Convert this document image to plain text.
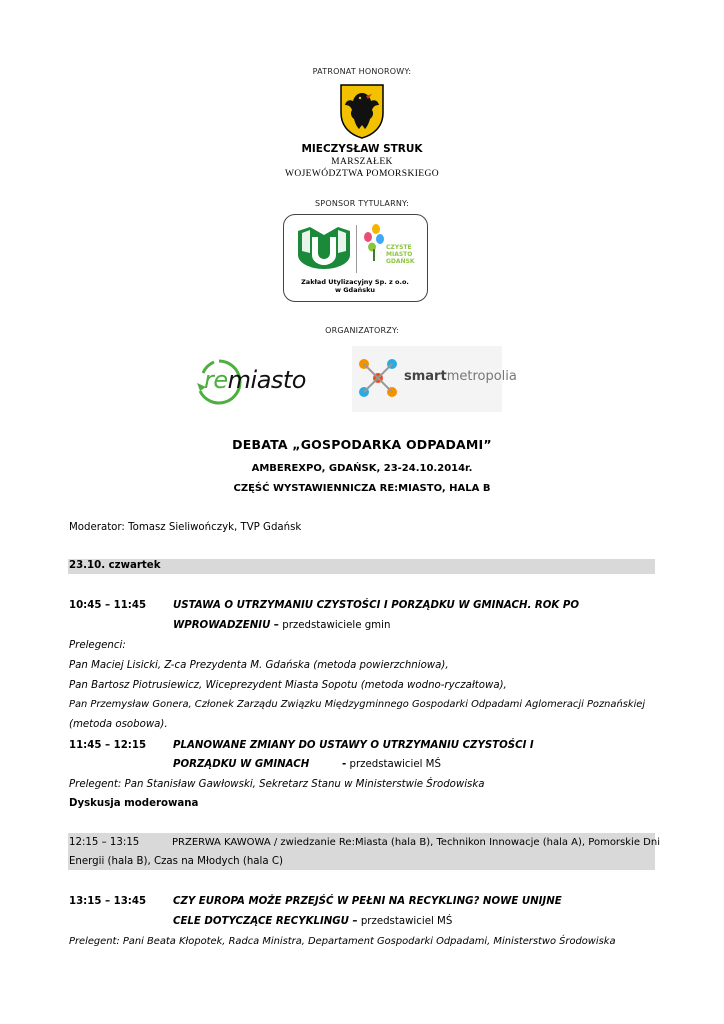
PATRONAT HONOROWY:
MIECZYSŁAW STRUK
MARSZAŁEK
WOJEWÓDZTWA POMORSKIEGO
SPONSOR TYTULARNY:
CZYSTE
MIASTO
GDAŃSK
Zakład Utylizacyjny Sp. z o.o.
w Gdańsku
ORGANIZATORZY:
remiasto	smartmetropolia
DEBATA „GOSPODARKA ODPADAMI”
AMBEREXPO, GDAŃSK, 23-24.10.2014r.
CZĘŚĆ WYSTAWIENNICZA RE:MIASTO, HALA B
Moderator: Tomasz Sieliwończyk, TVP Gdańsk
23.10. czwartek
10:45 – 11:45	USTAWA O UTRZYMANIU CZYSTOŚCI I PORZĄDKU W GMINACH. ROK PO
WPROWADZENIU – przedstawiciele gmin
Prelegenci:
Pan Maciej Lisicki, Z-ca Prezydenta M. Gdańska (metoda powierzchniowa),
Pan Bartosz Piotrusiewicz, Wiceprezydent Miasta Sopotu (metoda wodno-ryczałtowa),
Pan Przemysław Gonera, Członek Zarządu Związku Międzygminnego Gospodarki Odpadami Aglomeracji Poznańskiej
(metoda osobowa).
11:45 – 12:15	PLANOWANE ZMIANY DO USTAWY O UTRZYMANIU CZYSTOŚCI I
PORZĄDKU W GMINACH	- przedstawiciel MŚ
Prelegent: Pan Stanisław Gawłowski, Sekretarz Stanu w Ministerstwie Środowiska
Dyskusja moderowana
12:15 – 13:15	PRZERWA KAWOWA / zwiedzanie Re:Miasta (hala B), Technikon Innowacje (hala A), Pomorskie Dni
Energii (hala B), Czas na Młodych (hala C)
13:15 – 13:45	CZY EUROPA MOŻE PRZEJŚĆ W PEŁNI NA RECYKLING? NOWE UNIJNE
CELE DOTYCZĄCE RECYKLINGU – przedstawiciel MŚ
Prelegent: Pani Beata Kłopotek, Radca Ministra, Departament Gospodarki Odpadami, Ministerstwo Środowiska
